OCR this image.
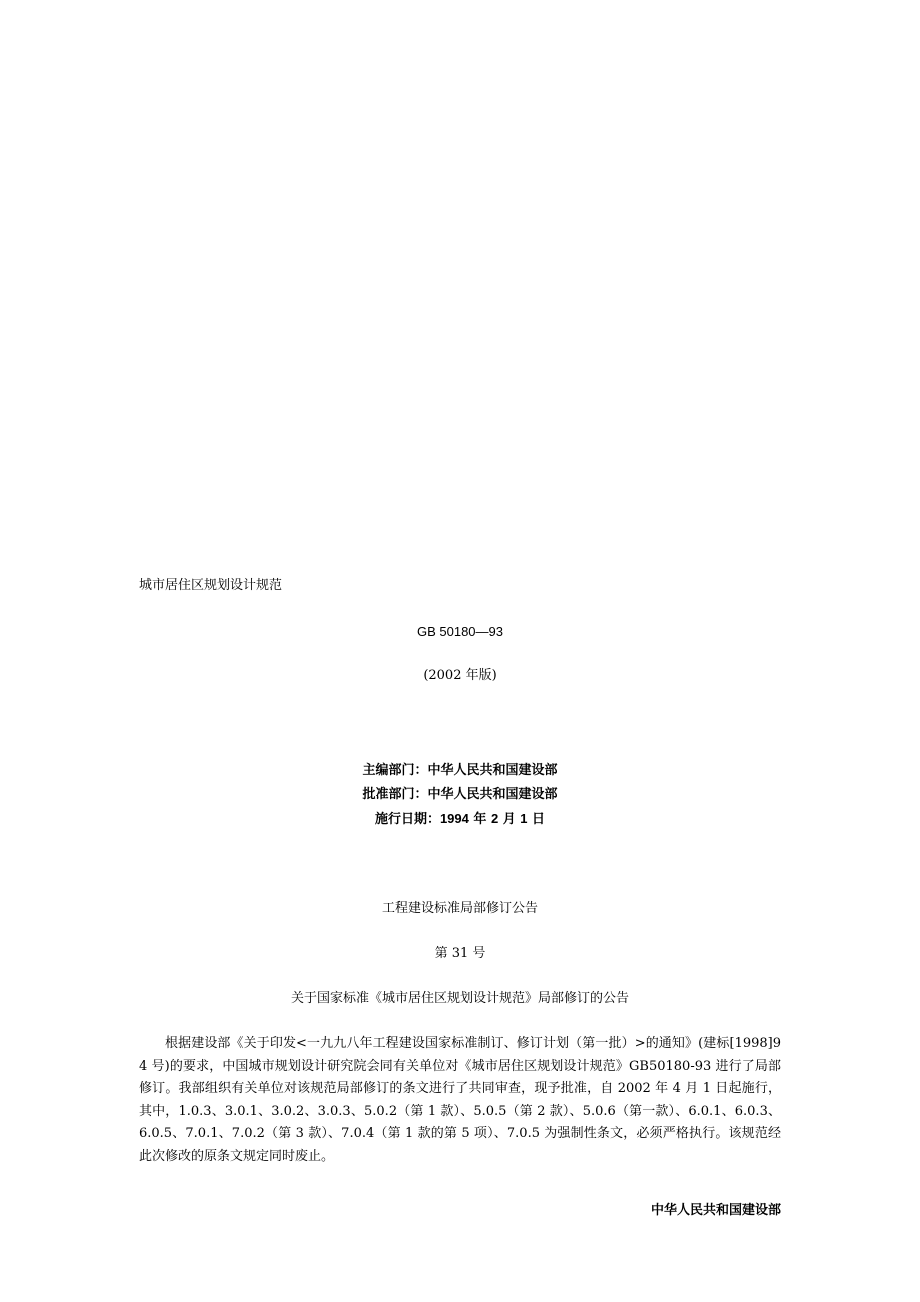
城市居住区规划设计规范
GB 50180—93
(2002 年版)
主编部门：中华人民共和国建设部
批准部门：中华人民共和国建设部
施行日期：1994 年 2 月 1 日
工程建设标准局部修订公告
第 31 号
关于国家标准《城市居住区规划设计规范》局部修订的公告

根据建设部《关于印发<一九九八年工程建设国家标准制订、修订计划（第一批）>的通知》(建标[1998]94 号)的要求，中国城市规划设计研究院会同有关单位对《城市居住区规划设计规范》GB50180-93 进行了局部修订。我部组织有关单位对该规范局部修订的条文进行了共同审查，现予批准，自 2002 年 4 月 1 日起施行，其中，1.0.3、3.0.1、3.0.2、3.0.3、5.0.2（第 1 款）、5.0.5（第 2 款）、5.0.6（第一款）、6.0.1、6.0.3、6.0.5、7.0.1、7.0.2（第 3 款）、7.0.4（第 1 款的第 5 项）、7.0.5 为强制性条文，必须严格执行。该规范经此次修改的原条文规定同时废止。

中华人民共和国建设部
